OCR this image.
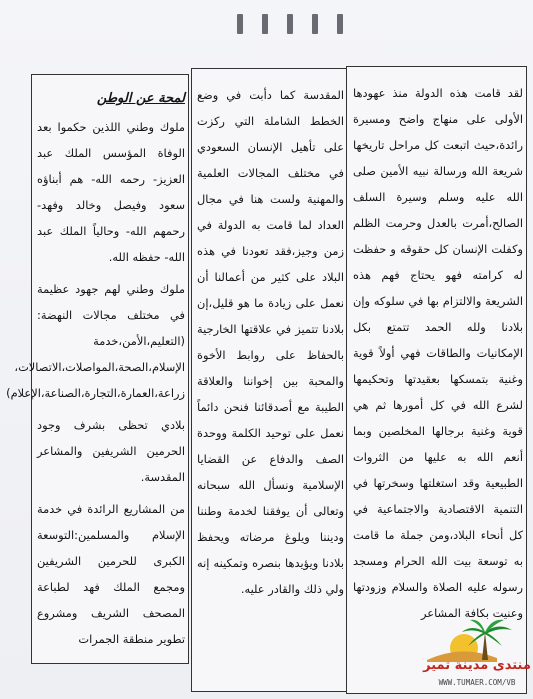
لقد قامت هذه الدولة منذ عهودها الأولى على منهاج واضح ومسيرة رائدة،حيث اتبعت كل مراحل تاريخها شريعة الله ورسالة نبيه الأمين صلى الله عليه وسلم وسيرة السلف الصالح،أمرت بالعدل وحرمت الظلم وكفلت الإنسان كل حقوقه و حفظت له كرامته فهو يحتاج فهم هذه الشريعة والالتزام بها في سلوكه وإن بلادنا ولله الحمد تتمتع بكل الإمكانيات والطاقات فهي أولاً قوية وغنية بتمسكها بعقيدتها وتحكيمها لشرع الله في كل أمورها ثم هي قوية وغنية برجالها المخلصين وبما أنعم الله به عليها من الثروات الطبيعية وقد استغلتها وسخرتها في التنمية الاقتصادية والاجتماعية في كل أنحاء البلاد،ومن جملة ما قامت به توسعة بيت الله الحرام ومسجد رسوله عليه الصلاة والسلام وزودتها وعنيت بكافة المشاعر

المقدسة كما دأبت في وضع الخطط الشاملة التي ركزت على تأهيل الإنسان السعودي في مختلف المجالات العلمية والمهنية ولست هنا في مجال العداد لما قامت به الدولة في زمن وجيز،فقد تعودنا في هذه البلاد على كثير من أعمالنا أن نعمل على زيادة ما هو قليل،إن بلادنا تتميز في علاقتها الخارجية بالحفاظ على روابط الأخوة والمحبة بين إخواننا والعلاقة الطيبة مع أصدقائنا فنحن دائماً نعمل على توحيد الكلمة ووحدة الصف والدفاع عن القضايا الإسلامية ونسأل الله سبحانه وتعالى أن يوفقنا لخدمة وطننا وديننا ويلوغ مرضاته ويحفظ بلادنا ويؤيدها بنصره وتمكينه إنه ولي ذلك والقادر عليه.

لمحة عن الوطن

ملوك وطني اللذين حكموا بعد الوفاة المؤسس الملك عبد العزيز- رحمه الله- هم أبناؤه سعود وفيصل وخالد وفهد- رحمهم الله- وحالياً الملك عبد الله- حفظه الله.

ملوك وطني لهم جهود عظيمة في مختلف مجالات النهضة:(التعليم،الأمن،خدمة الإسلام،الصحة،المواصلات،الاتصالات، زراعة،العمارة،التجارة،الصناعة،الإعلام)

بلادي تحظى بشرف وجود الحرمين الشريفين والمشاعر المقدسة.

من المشاريع الرائدة في خدمة الإسلام والمسلمين:التوسعة الكبرى للحرمين الشريفين ومجمع الملك فهد لطباعة المصحف الشريف ومشروع تطوير منطقة الجمرات

منتدى مدينة تمير
WWW.TUMAER.COM/VB
